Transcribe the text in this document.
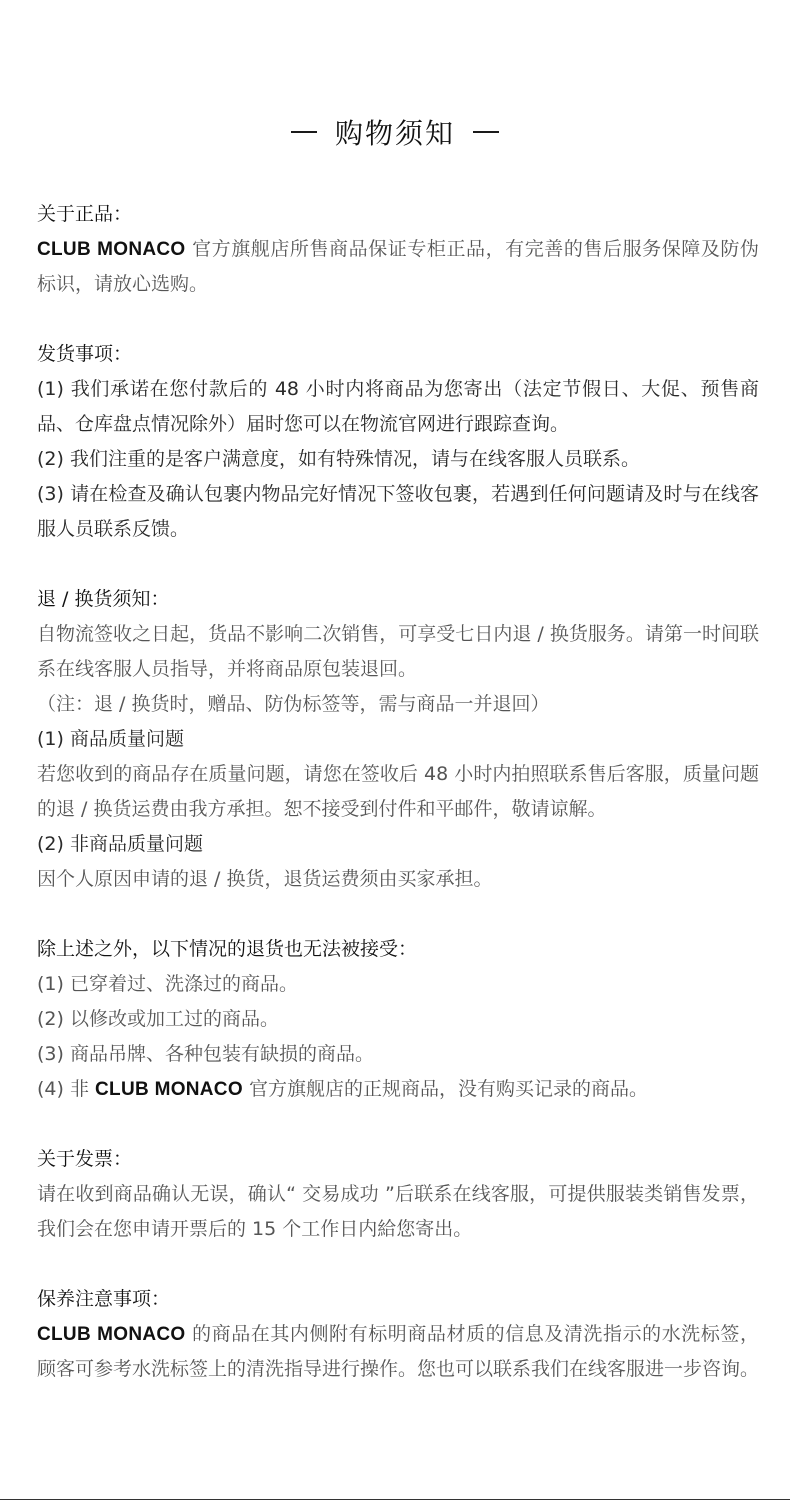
购物须知

关于正品：

CLUB MONACO 官方旗舰店所售商品保证专柜正品，有完善的售后服务保障及防伪标识，请放心选购。

发货事项：

(1) 我们承诺在您付款后的 48 小时内将商品为您寄出（法定节假日、大促、预售商品、仓库盘点情况除外）届时您可以在物流官网进行跟踪查询。

(2) 我们注重的是客户满意度，如有特殊情况，请与在线客服人员联系。

(3) 请在检查及确认包裹内物品完好情况下签收包裹，若遇到任何问题请及时与在线客服人员联系反馈。

退 / 换货须知：

自物流签收之日起，货品不影响二次销售，可享受七日内退 / 换货服务。请第一时间联系在线客服人员指导，并将商品原包装退回。

（注：退 / 换货时，赠品、防伪标签等，需与商品一并退回）

(1) 商品质量问题

若您收到的商品存在质量问题，请您在签收后 48 小时内拍照联系售后客服，质量问题的退 / 换货运费由我方承担。恕不接受到付件和平邮件，敬请谅解。

(2) 非商品质量问题

因个人原因申请的退 / 换货，退货运费须由买家承担。

除上述之外，以下情况的退货也无法被接受：

(1) 已穿着过、洗涤过的商品。

(2) 以修改或加工过的商品。

(3) 商品吊牌、各种包装有缺损的商品。

(4) 非 CLUB MONACO 官方旗舰店的正规商品，没有购买记录的商品。

关于发票：

请在收到商品确认无误，确认“ 交易成功 ”后联系在线客服，可提供服装类销售发票，我们会在您申请开票后的 15 个工作日内給您寄出。

保养注意事项：

CLUB MONACO 的商品在其内侧附有标明商品材质的信息及清洗指示的水洗标签，顾客可参考水洗标签上的清洗指导进行操作。您也可以联系我们在线客服进一步咨询。
